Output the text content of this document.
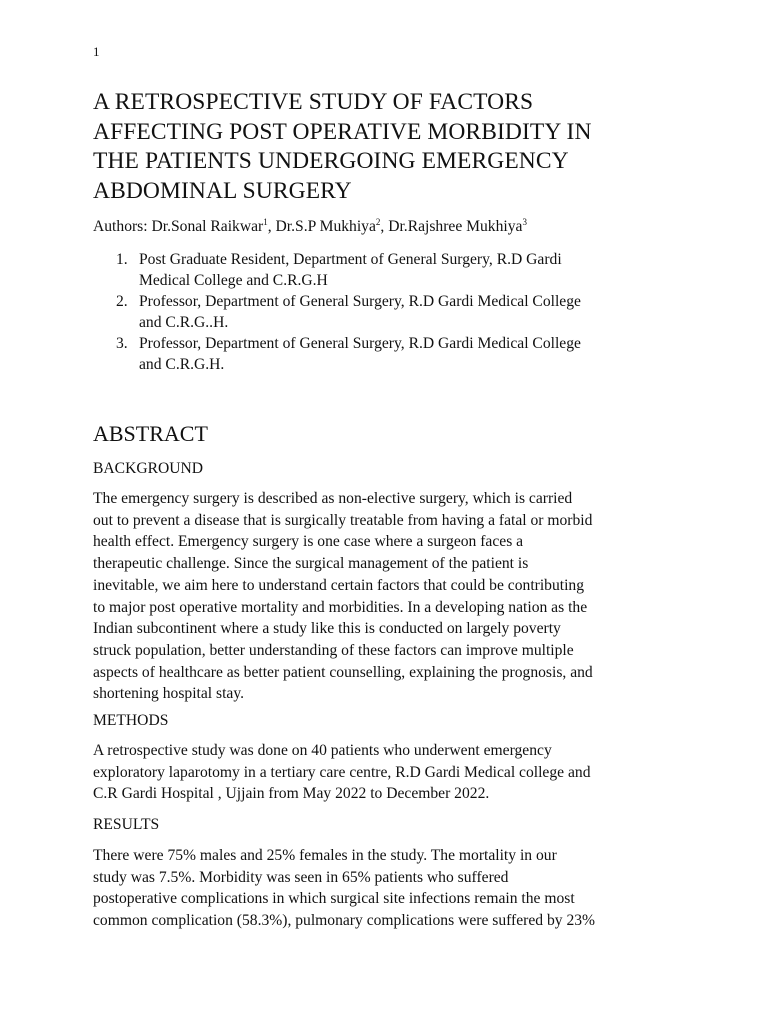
1
A RETROSPECTIVE STUDY OF FACTORS
AFFECTING POST OPERATIVE MORBIDITY IN
THE PATIENTS UNDERGOING EMERGENCY
ABDOMINAL SURGERY
Authors: Dr.Sonal Raikwar$^1$, Dr.S.P Mukhiya$^2$, Dr.Rajshree Mukhiya$^3$
1. Post Graduate Resident, Department of General Surgery, R.D Gardi
Medical College and C.R.G.H
2. Professor, Department of General Surgery, R.D Gardi Medical College
and C.R.G..H.
3. Professor, Department of General Surgery, R.D Gardi Medical College
and C.R.G.H.
ABSTRACT
BACKGROUND

The emergency surgery is described as non-elective surgery, which is carried
out to prevent a disease that is surgically treatable from having a fatal or morbid
health effect. Emergency surgery is one case where a surgeon faces a
therapeutic challenge. Since the surgical management of the patient is
inevitable, we aim here to understand certain factors that could be contributing
to major post operative mortality and morbidities. In a developing nation as the
Indian subcontinent where a study like this is conducted on largely poverty
struck population, better understanding of these factors can improve multiple
aspects of healthcare as better patient counselling, explaining the prognosis, and
shortening hospital stay.

METHODS

A retrospective study was done on 40 patients who underwent emergency
exploratory laparotomy in a tertiary care centre, R.D Gardi Medical college and
C.R Gardi Hospital , Ujjain from May 2022 to December 2022.

RESULTS

There were 75% males and 25% females in the study. The mortality in our
study was 7.5%. Morbidity was seen in 65% patients who suffered
postoperative complications in which surgical site infections remain the most
common complication (58.3%), pulmonary complications were suffered by 23%
